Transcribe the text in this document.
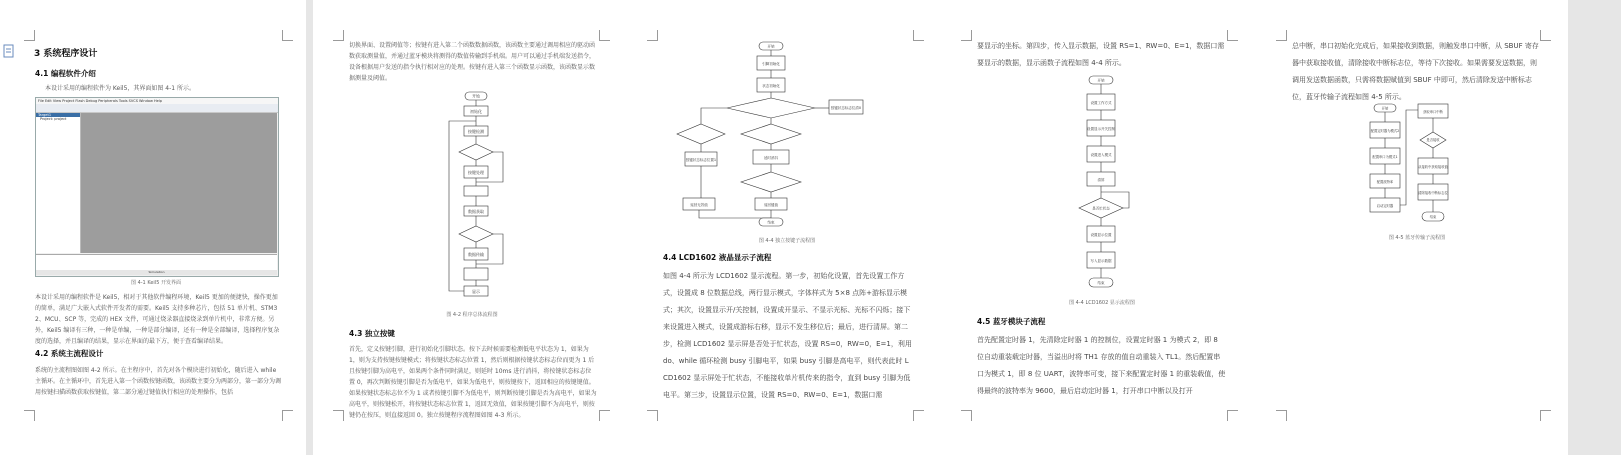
3 系统程序设计
4.1 编程软件介绍
本设计采用的编程软件为 Keil5，其界面如图 4-1 所示。
File Edit View Project Flash Debug Peripherals Tools SVCS Window Help
Target1
Project: project
Simulation
图 4-1 Keil5 开发界面
本设计采用的编程软件是 Keil5，相对于其他软件编程环境，Keil5 更加的便捷快，操作更加的简单，满足广大嵌入式软件开发者的需要。Keil5 支持多种芯片，包括 51 单片机、STM32、MCU、SCP 等，完成的 HEX 文件，可通过烧录器直接烧录到单片机中，非常方便。另外，Keil5 编译有三种，一种是单编，一种是部分编译，还有一种是全部编译，选择程序复杂度的选择，并且编译的结果，显示在界面的最下方，便于查看编译结果。
4.2 系统主流程设计
系统的主流程图如图 4-2 所示。在主程序中，首先对各个模块进行初始化，随后进入 while 主循环。在主循环中，首先进入第一个函数按键函数，该函数主要分为两部分，第一部分为调用按键扫描函数获取按键值，第二部分通过键值执行相应的处理操作，包括
切换界面、设置阈值等；按键有进入第二个函数数据函数，该函数主要通过调用相应的驱动函数获取测量值，并通过蓝牙模块将测得的数值传输到手机端。用户可以通过手机端发送指令，设备根据用户发送的指令执行相对应的处理。按键有进入第三个函数显示函数，该函数显示数据测量及阈值。
开始
初始化
按键检测
按键处理
数据获取
数据传输
显示
图 4-2 程序总体流程图
4.3 独立按键
首先，定义按键引脚，进行初始化引脚状态。按下去时候需要检测低电平状态为 1，如果为 1，则为支持按键按键模式；将按键状态标志位置 1，然后则根据按键状态标志位而更为 1 后且按键引脚为高电平，如果两个条件同时满足，则延时 10ms 进行消抖，将按键状态标志位置 0，再次判断按键引脚是否为低电平，如果为低电平，则按键按下，返回相应的按键键值。如果按键状态标志位不为 1 或者按键引脚不为低电平，则判断按键引脚是否为高电平，如果为高电平，则按键松开，将按键状态标志位置 1，返回无效值，如果按键引脚不为高电平，则按键仍在按压，则直接返回 0。独立按键程序流程图如图 4-3 所示。
开始
引脚初始化
状态初始化
按键状态标志位清0
按键状态标志位置1	延时消抖
返回键值
返回无效值
结束
图 4-4 独立按键子流程图
4.4 LCD1602 液晶显示子流程
如图 4-4 所示为 LCD1602 显示流程。第一步，初始化设置，首先设置工作方式，设置成 8 位数据总线，两行显示模式，字体样式为 5×8 点阵+游标显示模式；其次，设置显示开/关控制，设置成开显示、不显示光标、光标不闪烁；接下来设置进入模式，设置成游标右移，显示不发生移位后；最后，进行清屏。第二步，检测 LCD1602 显示屏是否处于忙状态，设置 RS=0，RW=0，E=1，利用 do、while 循环检测 busy 引脚电平，如果 busy 引脚是高电平，则代表此时 LCD1602 显示屏处于忙状态，不能接收单片机传来的指令，直到 busy 引脚为低电平。第三步，设置显示位置，设置 RS=0、RW=0、E=1，数据口需
要显示的坐标。第四步，传入显示数据，设置 RS=1、RW=0、E=1，数据口需要显示的数据，显示函数子流程如图 4-4 所示。
开始
设置工作方式
设置显示开关控制
设置进入模式
清屏
是否忙状态
设置显示位置
写入显示数据
结束
图 4-4 LCD1602 显示流程图
4.5 蓝牙模块子流程
首先配置定时器 1，先清除定时器 1 的控制位，设置定时器 1 为模式 2，即 8 位自动重装载定时器，当溢出时将 TH1 存放的值自动重装入 TL1。然后配置串口为模式 1，即 8 位 UART，波特率可变，接下来配置定时器 1 的重装载值，使得最终的波特率为 9600，最后启动定时器 1，打开串口中断以及打开
总中断，串口初始化完成后，如果接收到数据，则触发串口中断，从 SBUF 寄存器中获取接收值，清除接收中断标志位，等待下次接收。如果需要发送数据，则调用发送数据函数，只需将数据赋值到 SBUF 中即可，然后清除发送中断标志位，蓝牙传输子流程如图 4-5 所示。
开始
配置定时器为模式2
配置串口为模式1
配置波特率
启动定时器
获取串口中断
是否接收
从接收中获取接收值
清除接收中断标志位
结束
图 4-5 蓝牙传输子流程图
